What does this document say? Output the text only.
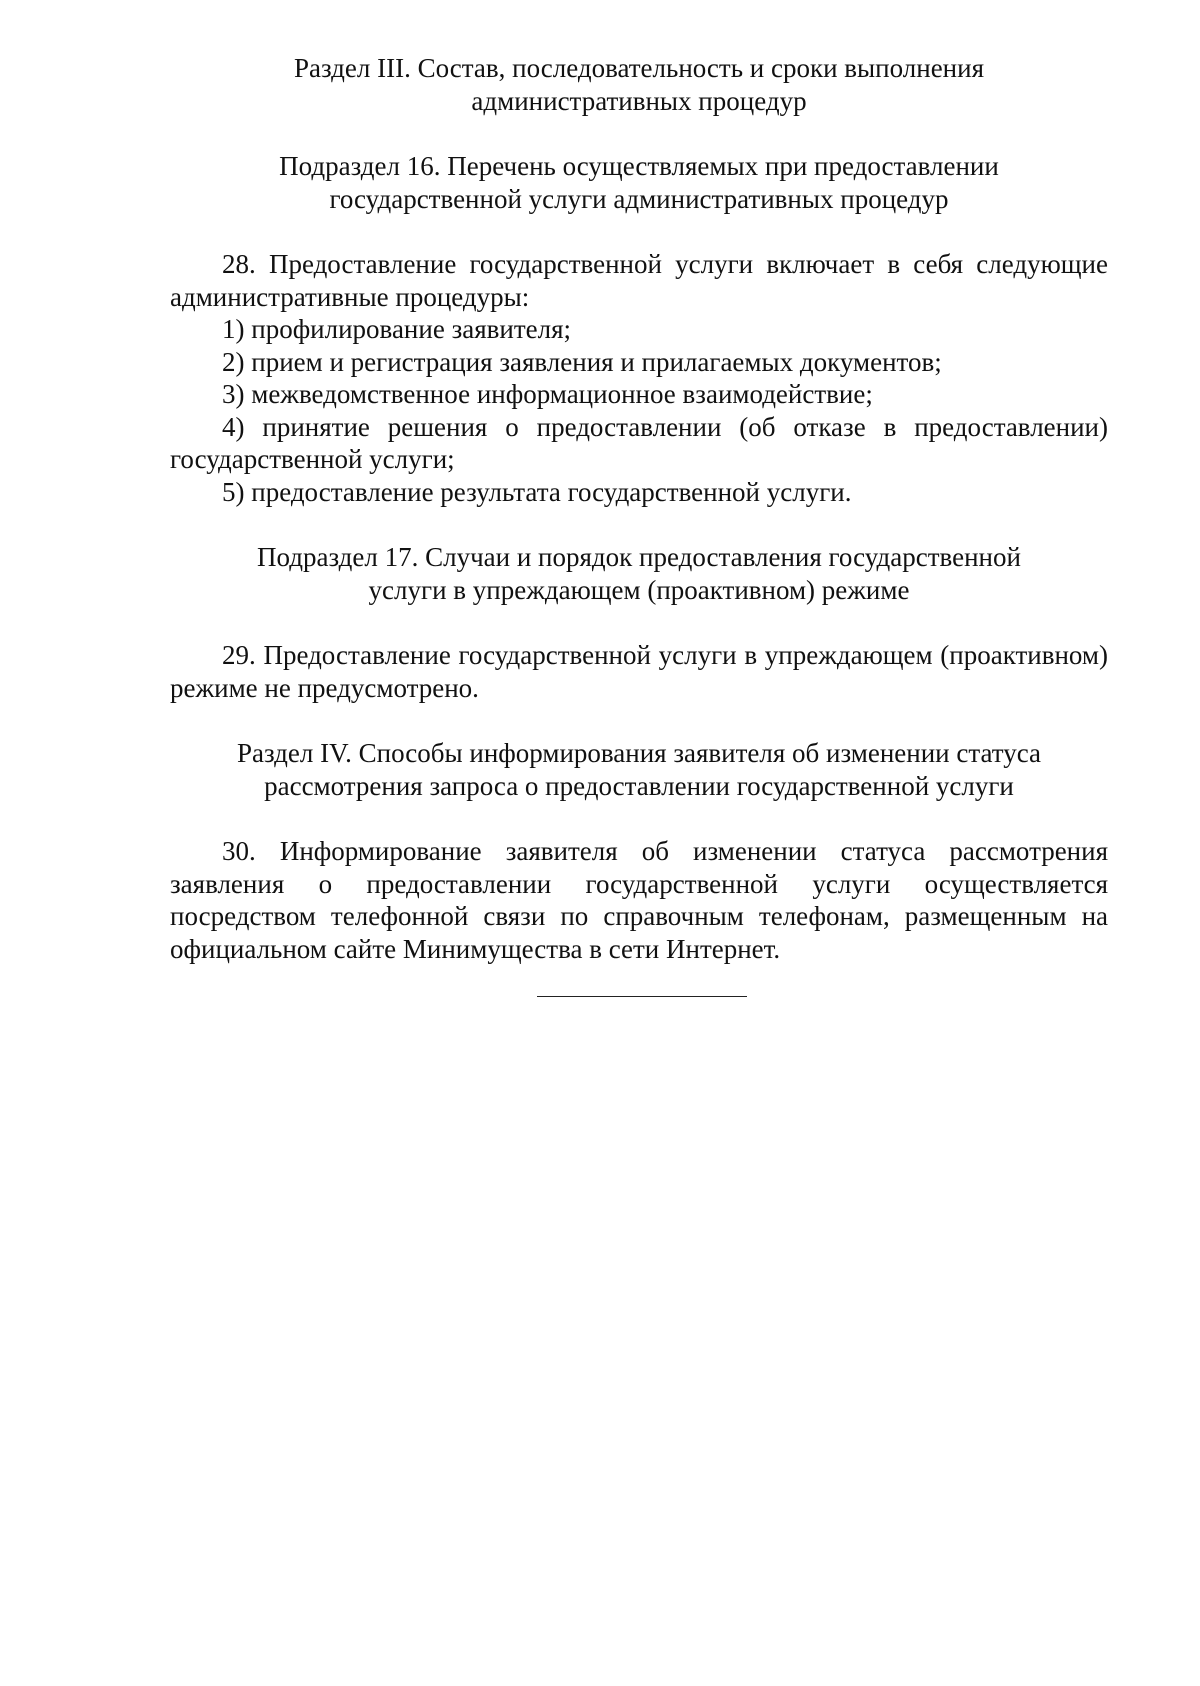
Раздел III. Состав, последовательность и сроки выполнения
административных процедур
Подраздел 16. Перечень осуществляемых при предоставлении
государственной услуги административных процедур

28. Предоставление государственной услуги включает в себя следующие административные процедуры:

1) профилирование заявителя;

2) прием и регистрация заявления и прилагаемых документов;

3) межведомственное информационное взаимодействие;

4) принятие решения о предоставлении (об отказе в предоставлении) государственной услуги;

5) предоставление результата государственной услуги.

Подраздел 17. Случаи и порядок предоставления государственной
услуги в упреждающем (проактивном) режиме

29. Предоставление государственной услуги в упреждающем (проактивном) режиме не предусмотрено.

Раздел IV. Способы информирования заявителя об изменении статуса
рассмотрения запроса о предоставлении государственной услуги

30. Информирование заявителя об изменении статуса рассмотрения заявления о предоставлении государственной услуги осуществляется посредством телефонной связи по справочным телефонам, размещенным на официальном сайте Минимущества в сети Интернет.
